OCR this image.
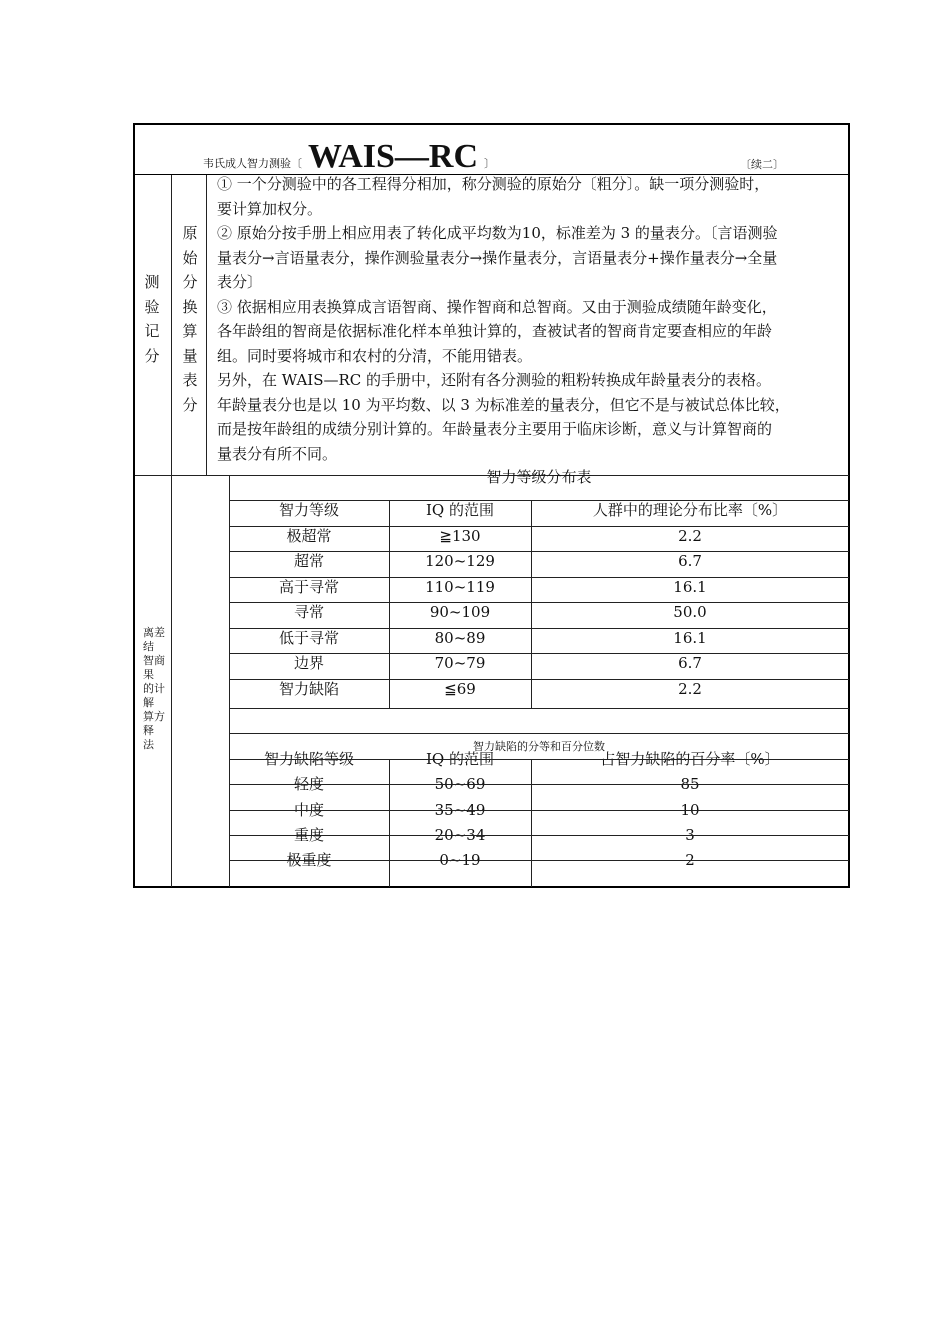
韦氏成人智力测验〔 WAIS—RC 〕	〔续二〕
测
验
记
分
原
始
分
换
算
量
表
分
① 一个分测验中的各工程得分相加，称分测验的原始分〔粗分〕。缺一项分测验时，
要计算加权分。
② 原始分按手册上相应用表了转化成平均数为10，标准差为 3 的量表分。〔言语测验
量表分→言语量表分，操作测验量表分→操作量表分，言语量表分+操作量表分→全量
表分〕
③ 依据相应用表换算成言语智商、操作智商和总智商。又由于测验成绩随年龄变化，
各年龄组的智商是依据标准化样本单独计算的，查被试者的智商肯定要查相应的年龄
组。同时要将城市和农村的分清，不能用错表。
另外，在 WAIS—RC 的手册中，还附有各分测验的粗粉转换成年龄量表分的表格。
年龄量表分也是以 10 为平均数、以 3 为标准差的量表分，但它不是与被试总体比较，
而是按年龄组的成绩分别计算的。年龄量表分主要用于临床诊断，意义与计算智商的
量表分有所不同。
离差
结
智商
果
的计
解
算方
释
法
智力等级分布表
智力等级	IQ 的范围	人群中的理论分布比率〔%〕
极超常	≧130	2.2
超常	120~129	6.7
高于寻常	110~119	16.1
寻常	90~109	50.0
低于寻常	80~89	16.1
边界	70~79	6.7
智力缺陷	≦69	2.2
智力缺陷的分等和百分位数
智力缺陷等级	IQ 的范围	占智力缺陷的百分率〔%〕
轻度	50~69	85
中度	35~49	10
重度	20~34	3
极重度	0~19	2
